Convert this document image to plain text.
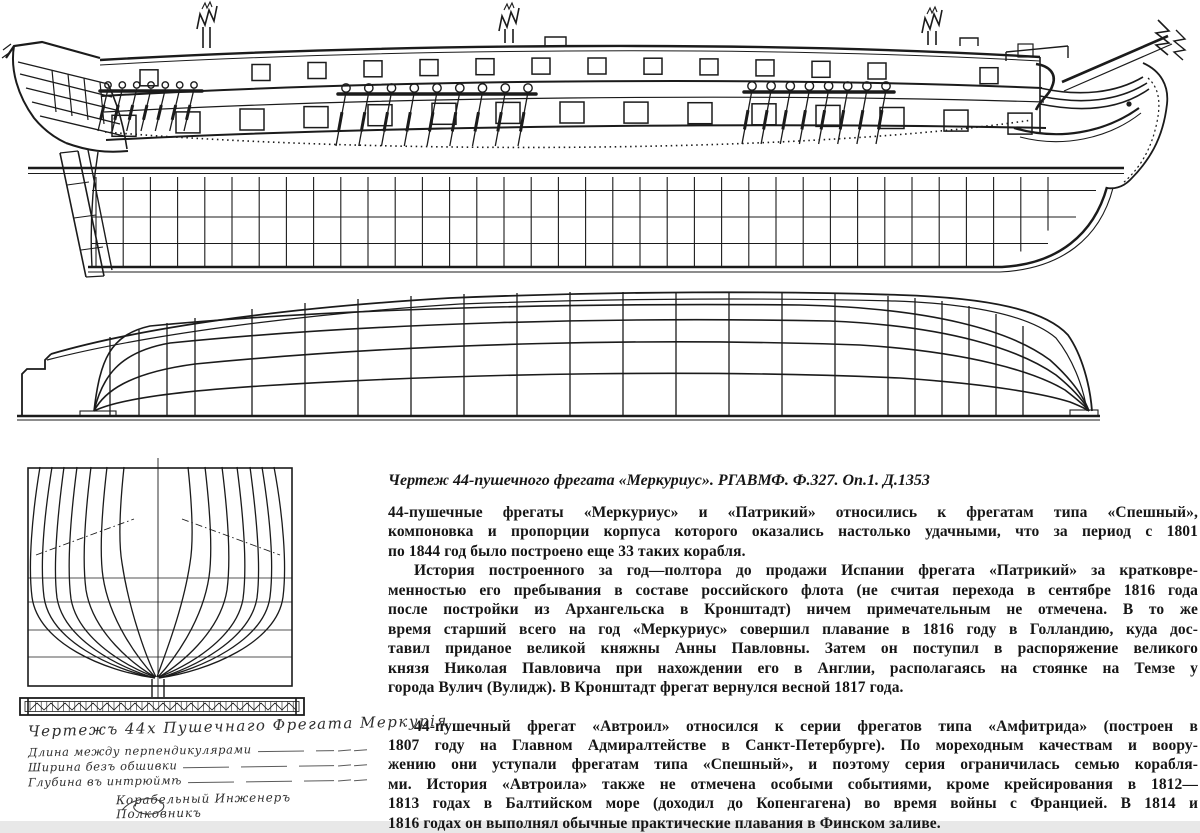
Чертежъ 44х Пушечнаго Фрегата Меркурія
Длина между перпендикулярами
Ширина безъ обшивки
Глубина въ интрюймѣ
Корабельный Инженеръ Полковникъ

Чертеж 44-пушечного фрегата «Меркуриус». РГАВМФ. Ф.327. Оп.1. Д.1353

44-пушечные фрегаты «Меркуриус» и «Патрикий» относились к фрегатам типа «Спешный»,
компоновка и пропорции корпуса которого оказались настолько удачными, что за период с 1801
по 1844 год было построено еще 33 таких корабля.
История построенного за год—полтора до продажи Испании фрегата «Патрикий» за кратковре-
менностью его пребывания в составе российского флота (не считая перехода в сентябре 1816 года
после постройки из Архангельска в Кронштадт) ничем примечательным не отмечена. В то же
время старший всего на год «Меркуриус» совершил плавание в 1816 году в Голландию, куда дос-
тавил приданое великой княжны Анны Павловны. Затем он поступил в распоряжение великого
князя Николая Павловича при нахождении его в Англии, располагаясь на стоянке на Темзе у
города Вулич (Вулидж). В Кронштадт фрегат вернулся весной 1817 года.
44-пушечный фрегат «Автроил» относился к серии фрегатов типа «Амфитрида» (построен в
1807 году на Главном Адмиралтействе в Санкт-Петербурге). По мореходным качествам и воору-
жению они уступали фрегатам типа «Спешный», и поэтому серия ограничилась семью корабля-
ми. История «Автроила» также не отмечена особыми событиями, кроме крейсирования в 1812—
1813 годах в Балтийском море (доходил до Копенгагена) во время войны с Францией. В 1814 и
1816 годах он выполнял обычные практические плавания в Финском заливе.
